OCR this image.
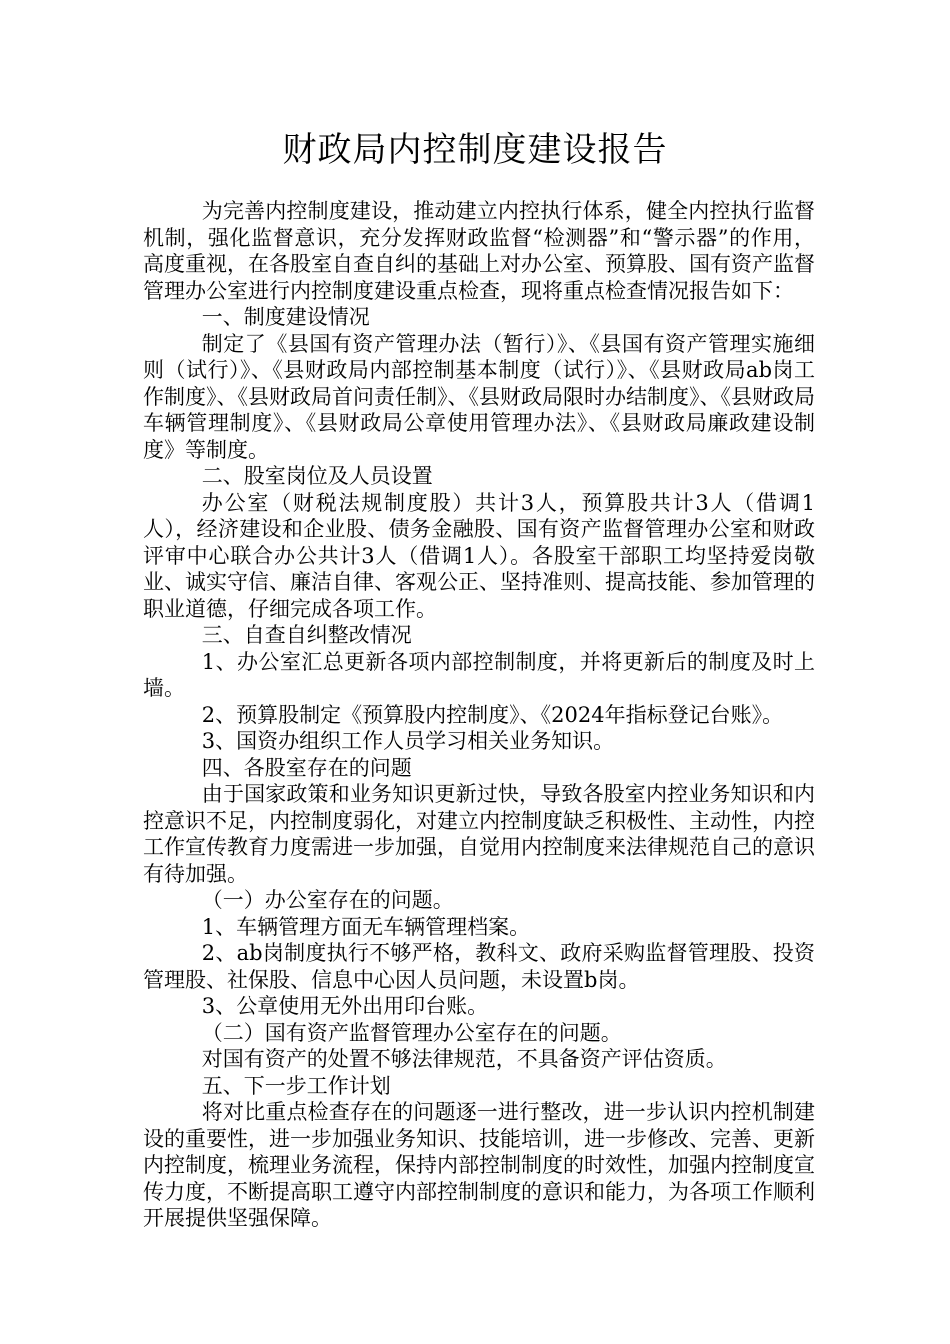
财政局内控制度建设报告

为完善内控制度建设，推动建立内控执行体系，健全内控执行监督机制，强化监督意识，充分发挥财政监督“检测器”和“警示器”的作用，高度重视，在各股室自查自纠的基础上对办公室、预算股、国有资产监督管理办公室进行内控制度建设重点检查，现将重点检查情况报告如下：

一、制度建设情况

制定了《县国有资产管理办法（暂行）》、《县国有资产管理实施细则（试行）》、《县财政局内部控制基本制度（试行）》、《县财政局ab岗工作制度》、《县财政局首问责任制》、《县财政局限时办结制度》、《县财政局车辆管理制度》、《县财政局公章使用管理办法》、《县财政局廉政建设制度》等制度。

二、股室岗位及人员设置

办公室（财税法规制度股）共计3人，预算股共计3人（借调1人），经济建设和企业股、债务金融股、国有资产监督管理办公室和财政评审中心联合办公共计3人（借调1人）。各股室干部职工均坚持爱岗敬业、诚实守信、廉洁自律、客观公正、坚持准则、提高技能、参加管理的职业道德，仔细完成各项工作。

三、自查自纠整改情况

1、办公室汇总更新各项内部控制制度，并将更新后的制度及时上墙。

2、预算股制定《预算股内控制度》、《2024年指标登记台账》。

3、国资办组织工作人员学习相关业务知识。

四、各股室存在的问题

由于国家政策和业务知识更新过快，导致各股室内控业务知识和内控意识不足，内控制度弱化，对建立内控制度缺乏积极性、主动性，内控工作宣传教育力度需进一步加强，自觉用内控制度来法律规范自己的意识有待加强。

（一）办公室存在的问题。

1、车辆管理方面无车辆管理档案。

2、ab岗制度执行不够严格，教科文、政府采购监督管理股、投资管理股、社保股、信息中心因人员问题，未设置b岗。

3、公章使用无外出用印台账。

（二）国有资产监督管理办公室存在的问题。

对国有资产的处置不够法律规范，不具备资产评估资质。

五、下一步工作计划

将对比重点检查存在的问题逐一进行整改，进一步认识内控机制建设的重要性，进一步加强业务知识、技能培训，进一步修改、完善、更新内控制度，梳理业务流程，保持内部控制制度的时效性，加强内控制度宣传力度，不断提高职工遵守内部控制制度的意识和能力，为各项工作顺利开展提供坚强保障。
